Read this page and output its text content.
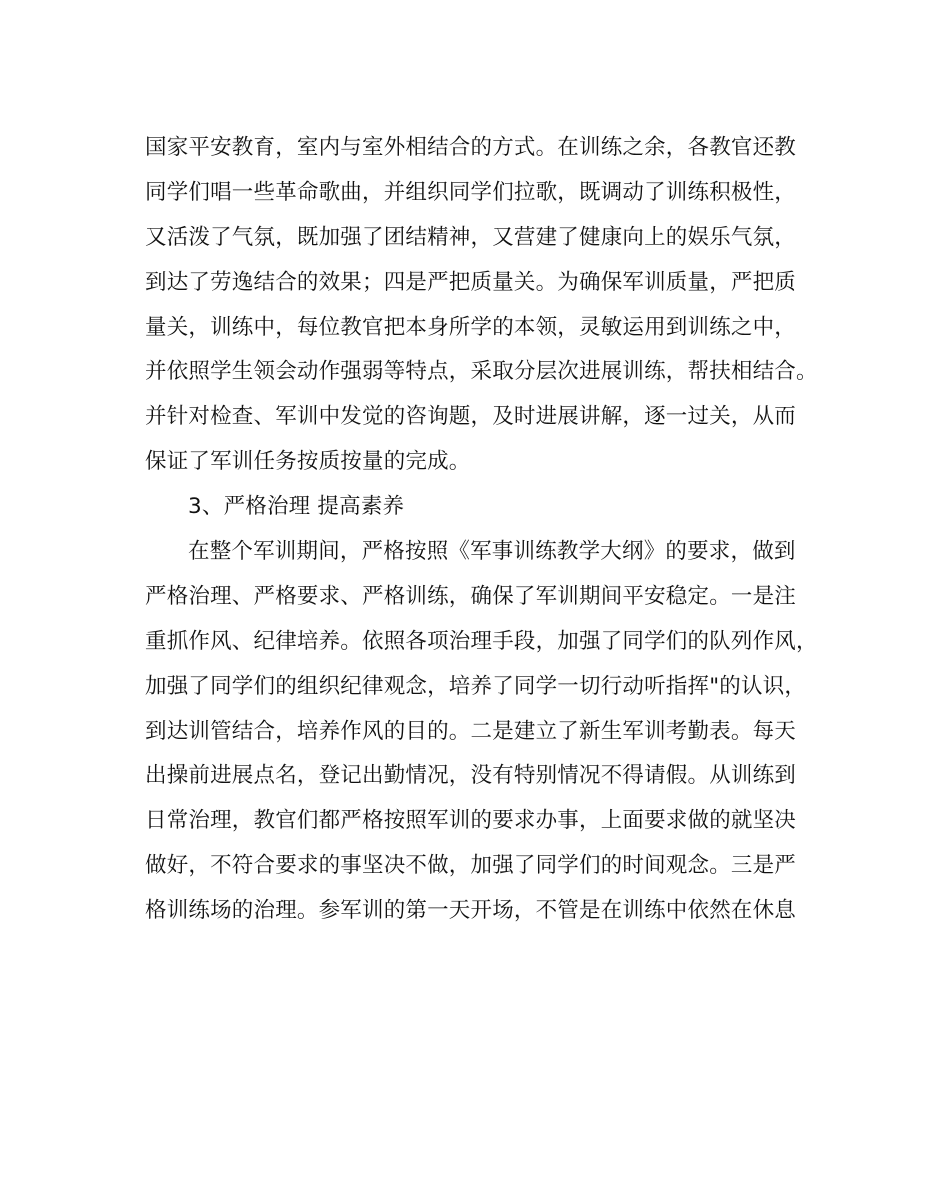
国家平安教育，室内与室外相结合的方式。在训练之余，各教官还教
同学们唱一些革命歌曲，并组织同学们拉歌，既调动了训练积极性，
又活泼了气氛，既加强了团结精神，又营建了健康向上的娱乐气氛，
到达了劳逸结合的效果；四是严把质量关。为确保军训质量，严把质
量关，训练中，每位教官把本身所学的本领，灵敏运用到训练之中，
并依照学生领会动作强弱等特点，采取分层次进展训练，帮扶相结合。
并针对检查、军训中发觉的咨询题，及时进展讲解，逐一过关，从而
保证了军训任务按质按量的完成。
3、严格治理 提高素养
在整个军训期间，严格按照《军事训练教学大纲》的要求，做到
严格治理、严格要求、严格训练，确保了军训期间平安稳定。一是注
重抓作风、纪律培养。依照各项治理手段，加强了同学们的队列作风，
加强了同学们的组织纪律观念，培养了同学一切行动听指挥"的认识，
到达训管结合，培养作风的目的。二是建立了新生军训考勤表。每天
出操前进展点名，登记出勤情况，没有特别情况不得请假。从训练到
日常治理，教官们都严格按照军训的要求办事，上面要求做的就坚决
做好，不符合要求的事坚决不做，加强了同学们的时间观念。三是严
格训练场的治理。参军训的第一天开场，不管是在训练中依然在休息
